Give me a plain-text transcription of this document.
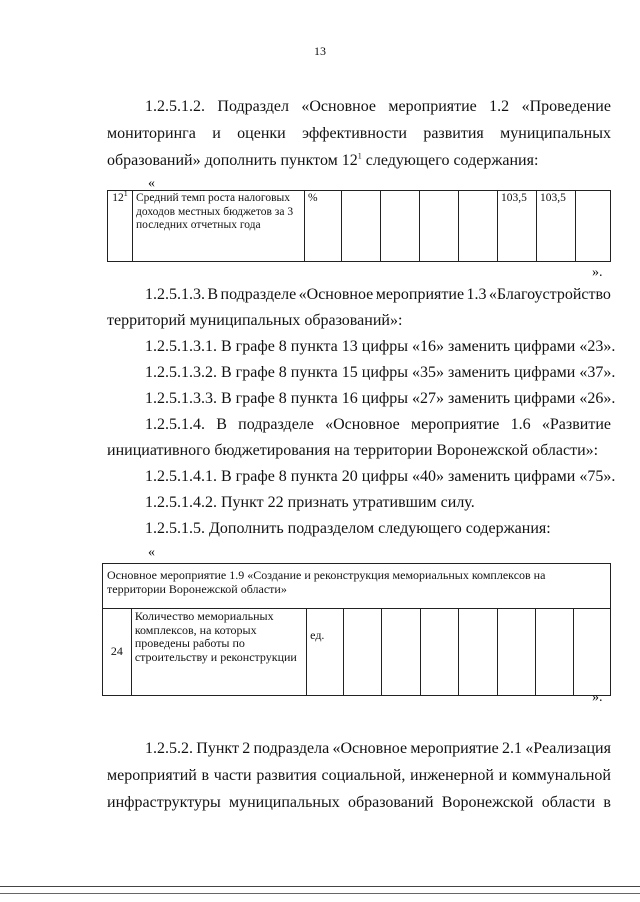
13
1.2.5.1.2. Подраздел «Основное мероприятие 1.2 «Проведение
мониторинга и оценки эффективности развития муниципальных
образований» дополнить пунктом $12^1$ следующего содержания:
«
$12^1$	Средний темп роста налоговых доходов местных бюджетов за 3 последних отчетных года	%					103,5	103,5	
».
1.2.5.1.3. В подразделе «Основное мероприятие 1.3 «Благоустройство
территорий муниципальных образований»:
1.2.5.1.3.1. В графе 8 пункта 13 цифры «16» заменить цифрами «23».
1.2.5.1.3.2. В графе 8 пункта 15 цифры «35» заменить цифрами «37».
1.2.5.1.3.3. В графе 8 пункта 16 цифры «27» заменить цифрами «26».
1.2.5.1.4. В подразделе «Основное мероприятие 1.6 «Развитие
инициативного бюджетирования на территории Воронежской области»:
1.2.5.1.4.1. В графе 8 пункта 20 цифры «40» заменить цифрами «75».
1.2.5.1.4.2. Пункт 22 признать утратившим силу.
1.2.5.1.5. Дополнить подразделом следующего содержания:
«
Основное мероприятие 1.9 «Создание и реконструкция мемориальных комплексов на территории Воронежской области»
24	Количество мемориальных комплексов, на которых проведены работы по строительству и реконструкции	ед.							
».
1.2.5.2. Пункт 2 подраздела «Основное мероприятие 2.1 «Реализация
мероприятий в части развития социальной, инженерной и коммунальной
инфраструктуры муниципальных образований Воронежской области в
